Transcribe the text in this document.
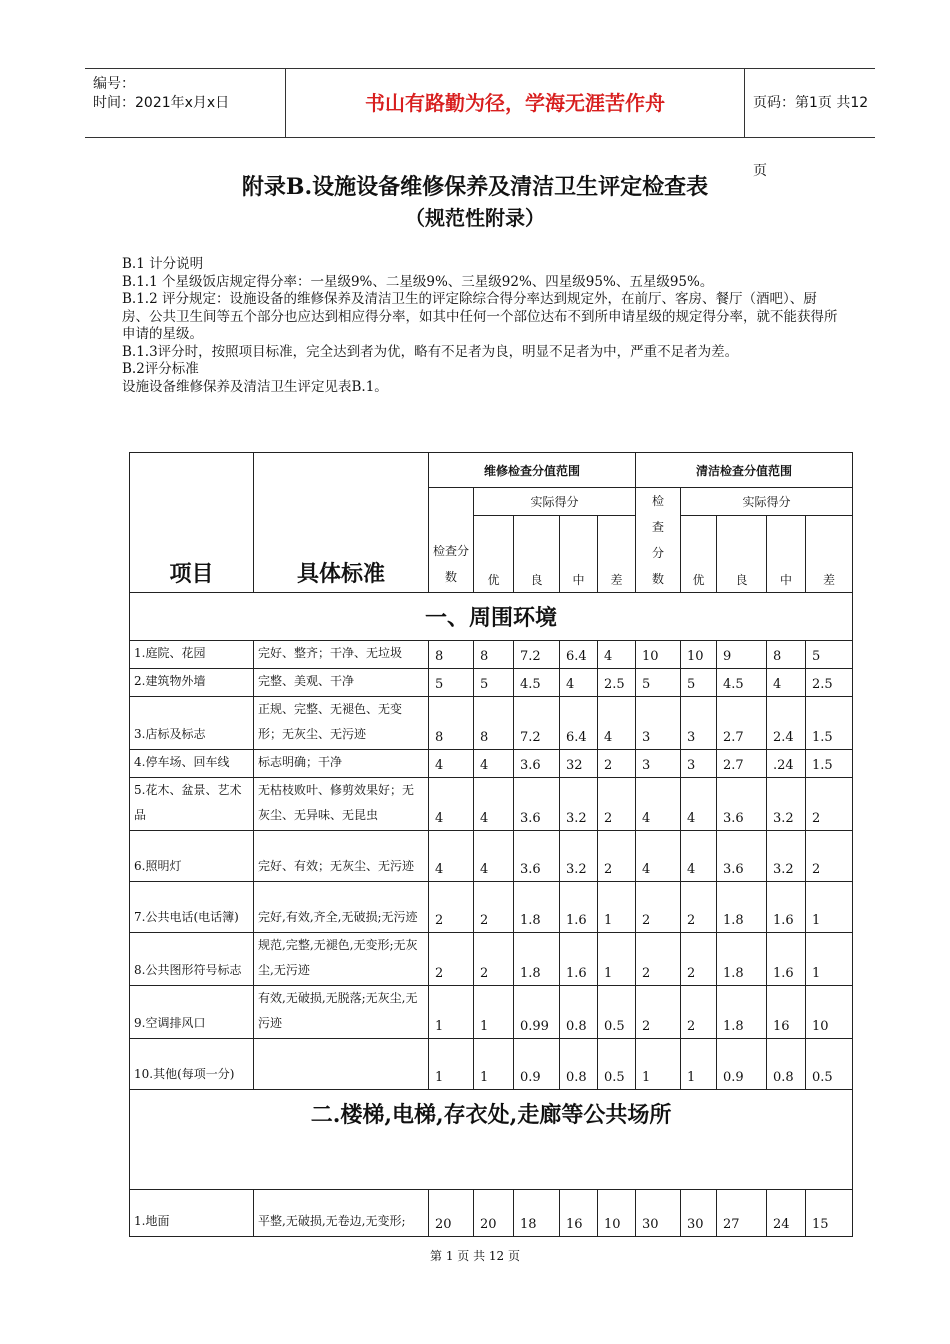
编号：
时间：2021年x月x日	书山有路勤为径，学海无涯苦作舟	页码：第1页 共12页
附录B.设施设备维修保养及清洁卫生评定检查表
（规范性附录）

B.1 计分说明

B.1.1 个星级饭店规定得分率：一星级9%、二星级9%、三星级92%、四星级95%、五星级95%。

B.1.2 评分规定：设施设备的维修保养及清洁卫生的评定除综合得分率达到规定外，在前厅、客房、餐厅（酒吧）、厨房、公共卫生间等五个部分也应达到相应得分率，如其中任何一个部位达布不到所申请星级的规定得分率，就不能获得所申请的星级。

B.1.3评分时，按照项目标准，完全达到者为优，略有不足者为良，明显不足者为中，严重不足者为差。

B.2评分标准

设施设备维修保养及清洁卫生评定见表B.1。

项目	具体标准	维修检查分值范围					清洁检查分值范围				
		检查分数	实际得分				检查分数	实际得分			
			优	良	中	差		优	良	中	差
一、周围环境											
1.庭院、花园	完好、整齐；干净、无垃圾	8	8	7.2	6.4	4	10	10	9	8	5
2.建筑物外墙	完整、美观、干净	5	5	4.5	4	2.5	5	5	4.5	4	2.5
3.店标及标志	正规、完整、无褪色、无变形；无灰尘、无污迹	8	8	7.2	6.4	4	3	3	2.7	2.4	1.5
4.停车场、回车线	标志明确；干净	4	4	3.6	32	2	3	3	2.7	.24	1.5
5.花木、盆景、艺术品	无枯枝败叶、修剪效果好；无灰尘、无异味、无昆虫	4	4	3.6	3.2	2	4	4	3.6	3.2	2
6.照明灯	完好、有效；无灰尘、无污迹	4	4	3.6	3.2	2	4	4	3.6	3.2	2
7.公共电话(电话簿)	完好,有效,齐全,无破损;无污迹	2	2	1.8	1.6	1	2	2	1.8	1.6	1
8.公共图形符号标志	规范,完整,无褪色,无变形;无灰尘,无污迹	2	2	1.8	1.6	1	2	2	1.8	1.6	1
9.空调排风口	有效,无破损,无脱落;无灰尘,无污迹	1	1	0.99	0.8	0.5	2	2	1.8	16	10
10.其他(每项一分)		1	1	0.9	0.8	0.5	1	1	0.9	0.8	0.5
二.楼梯,电梯,存衣处,走廊等公共场所											
1.地面	平整,无破损,无卷边,无变形;	20	20	18	16	10	30	30	27	24	15
第 1 页 共 12 页
